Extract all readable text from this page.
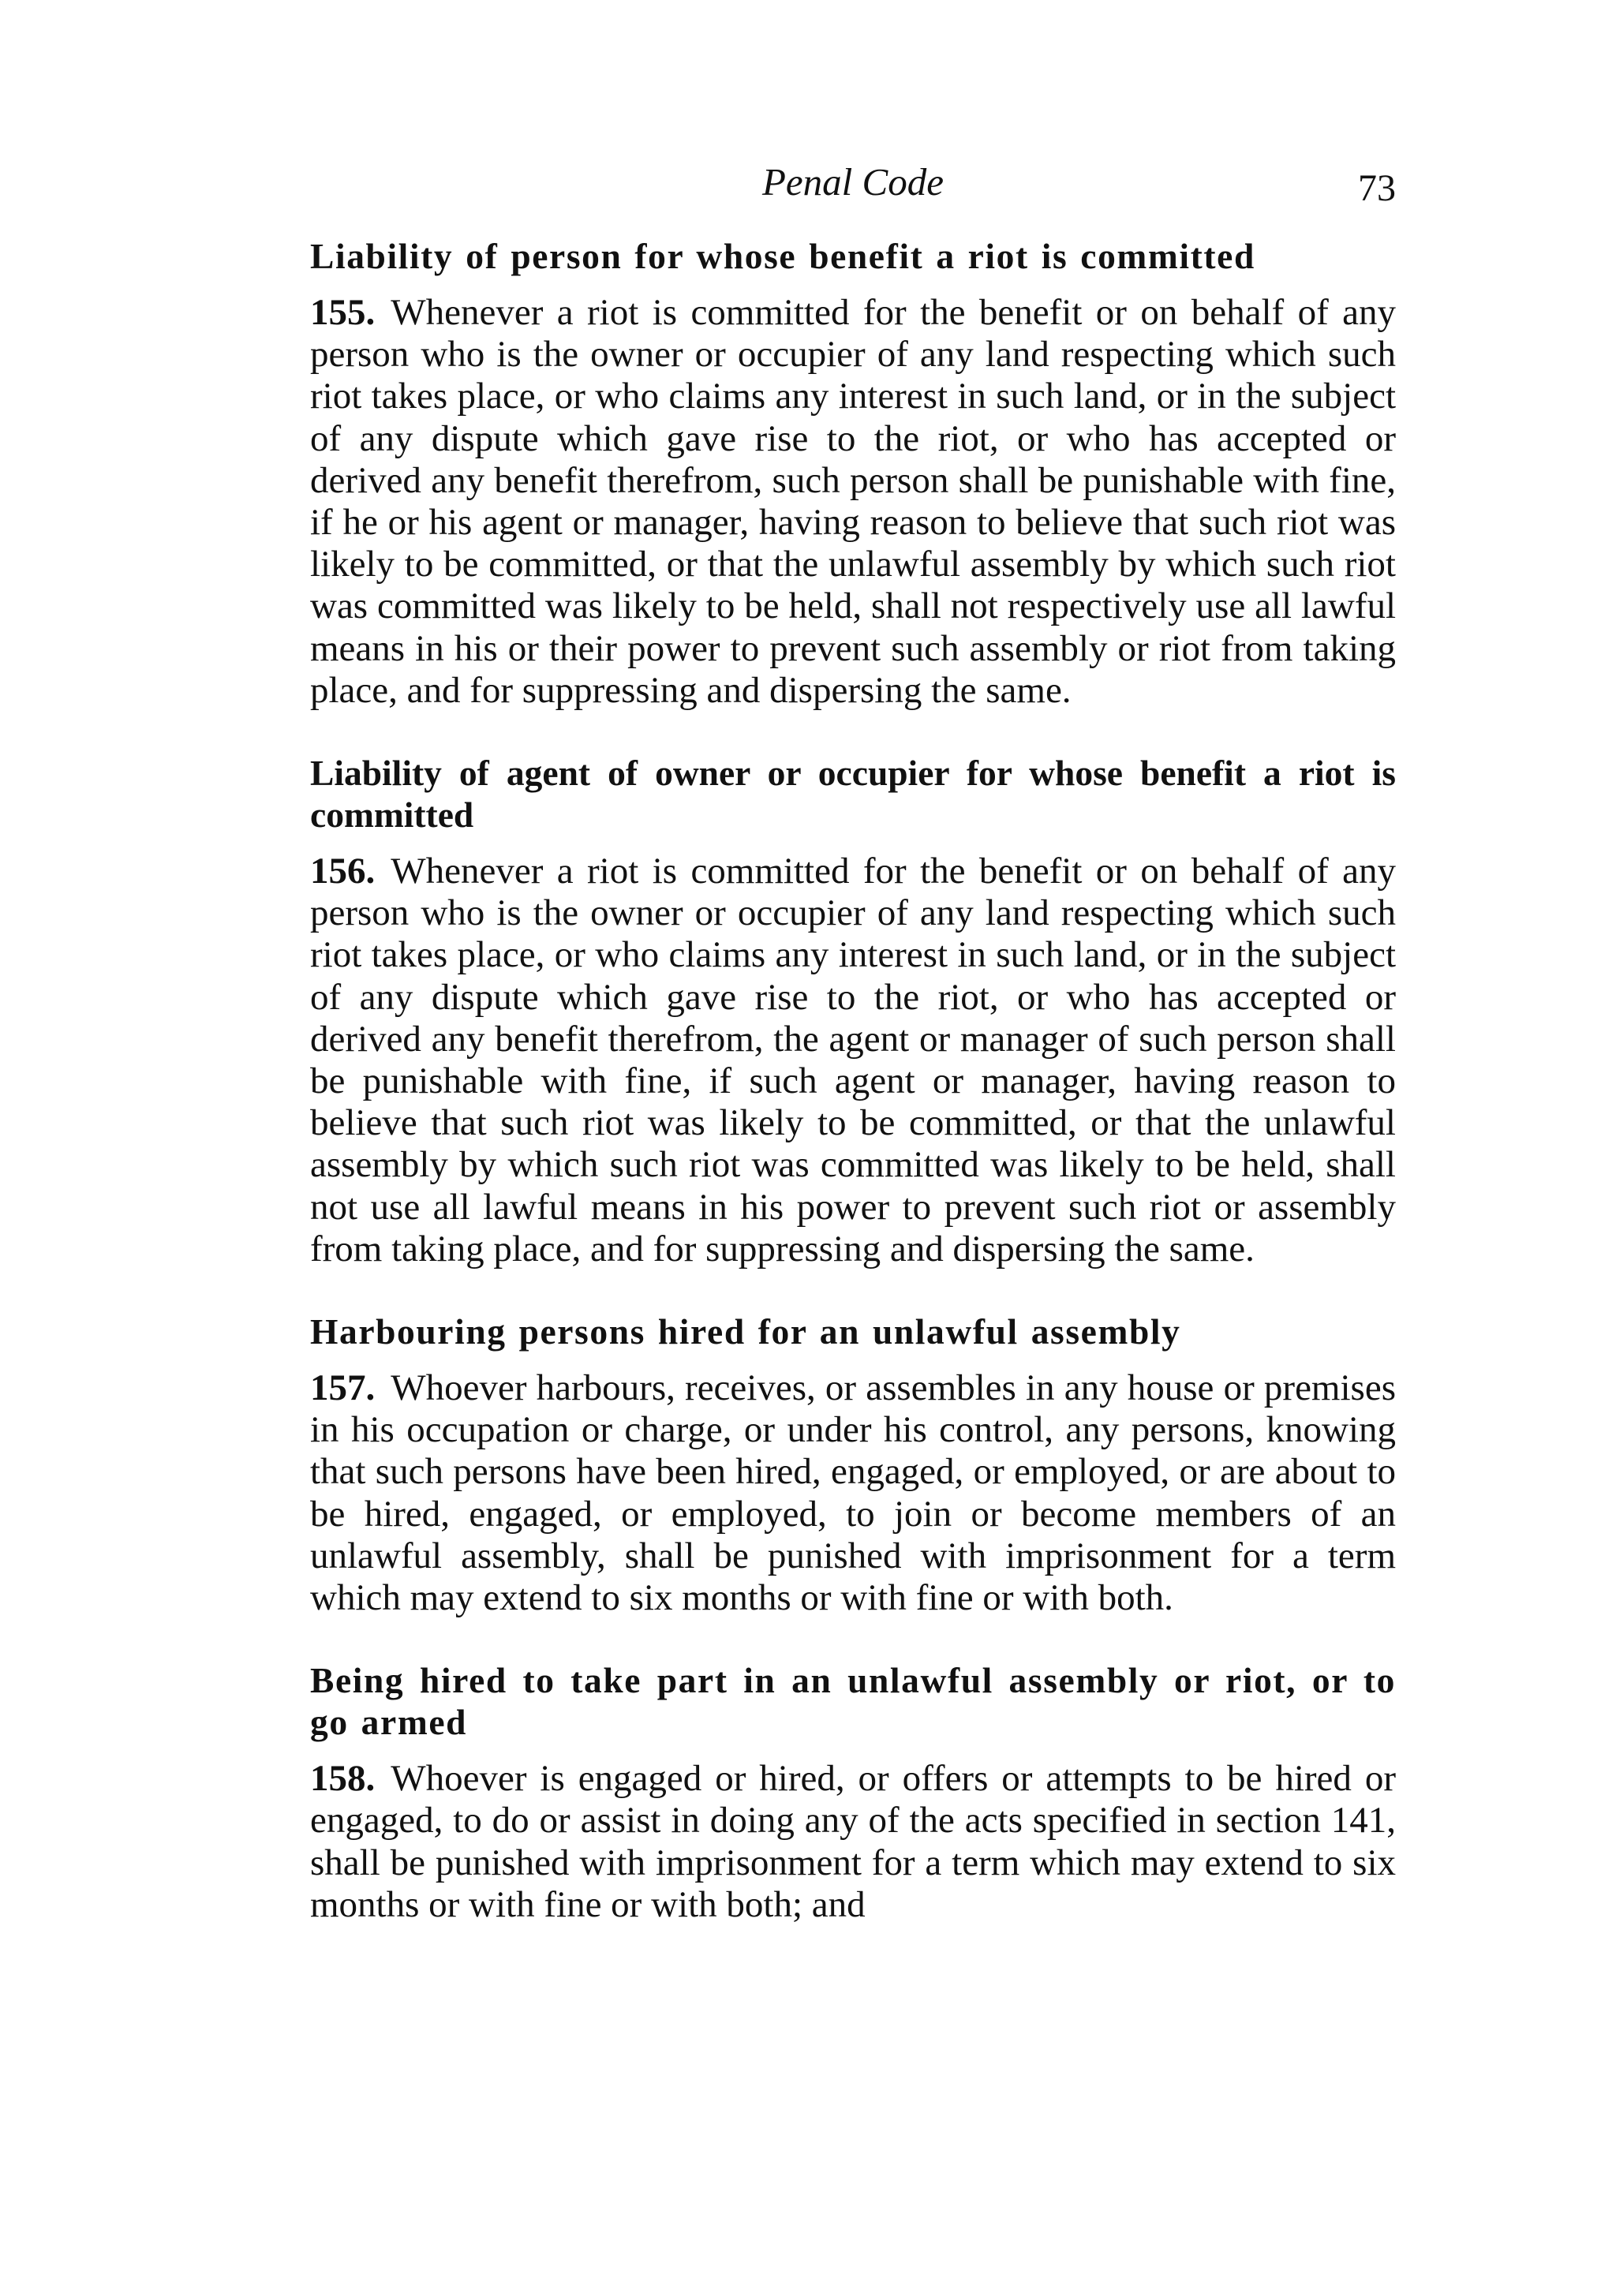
Penal Code	73
Liability of person for whose benefit a riot is committed

155. Whenever a riot is committed for the benefit or on behalf of any person who is the owner or occupier of any land respecting which such riot takes place, or who claims any interest in such land, or in the subject of any dispute which gave rise to the riot, or who has accepted or derived any benefit therefrom, such person shall be punishable with fine, if he or his agent or manager, having reason to believe that such riot was likely to be committed, or that the unlawful assembly by which such riot was committed was likely to be held, shall not respectively use all lawful means in his or their power to prevent such assembly or riot from taking place, and for suppressing and dispersing the same.

Liability of agent of owner or occupier for whose benefit a riot is committed

156. Whenever a riot is committed for the benefit or on behalf of any person who is the owner or occupier of any land respecting which such riot takes place, or who claims any interest in such land, or in the subject of any dispute which gave rise to the riot, or who has accepted or derived any benefit therefrom, the agent or manager of such person shall be punishable with fine, if such agent or manager, having reason to believe that such riot was likely to be committed, or that the unlawful assembly by which such riot was committed was likely to be held, shall not use all lawful means in his power to prevent such riot or assembly from taking place, and for suppressing and dispersing the same.

Harbouring persons hired for an unlawful assembly

157. Whoever harbours, receives, or assembles in any house or premises in his occupation or charge, or under his control, any persons, knowing that such persons have been hired, engaged, or employed, or are about to be hired, engaged, or employed, to join or become members of an unlawful assembly, shall be punished with imprisonment for a term which may extend to six months or with fine or with both.

Being hired to take part in an unlawful assembly or riot, or to go armed

158. Whoever is engaged or hired, or offers or attempts to be hired or engaged, to do or assist in doing any of the acts specified in section 141, shall be punished with imprisonment for a term which may extend to six months or with fine or with both; and
